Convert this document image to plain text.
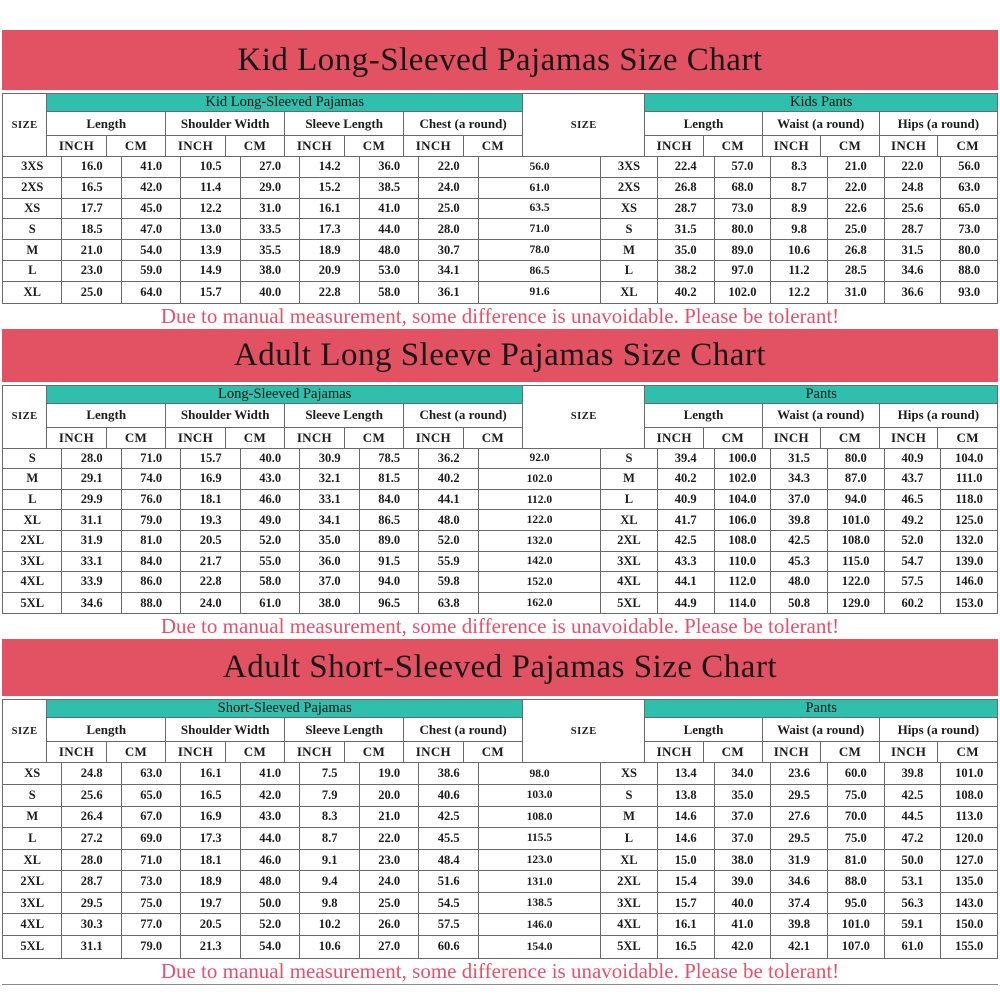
Kid Long-Sleeved Pajamas Size Chart
SIZE
Kid Long-Sleeved Pajamas
Length	Shoulder Width	Sleeve Length	Chest (a round)
INCH	CM	INCH	CM	INCH	CM	INCH	CM
SIZE
Kids Pants
Length	Waist (a round)	Hips (a round)
INCH	CM	INCH	CM	INCH	CM
3XS	16.0	41.0	10.5	27.0	14.2	36.0	22.0	56.0	3XS	22.4	57.0	8.3	21.0	22.0	56.0
2XS	16.5	42.0	11.4	29.0	15.2	38.5	24.0	61.0	2XS	26.8	68.0	8.7	22.0	24.8	63.0
XS	17.7	45.0	12.2	31.0	16.1	41.0	25.0	63.5	XS	28.7	73.0	8.9	22.6	25.6	65.0
S	18.5	47.0	13.0	33.5	17.3	44.0	28.0	71.0	S	31.5	80.0	9.8	25.0	28.7	73.0
M	21.0	54.0	13.9	35.5	18.9	48.0	30.7	78.0	M	35.0	89.0	10.6	26.8	31.5	80.0
L	23.0	59.0	14.9	38.0	20.9	53.0	34.1	86.5	L	38.2	97.0	11.2	28.5	34.6	88.0
XL	25.0	64.0	15.7	40.0	22.8	58.0	36.1	91.6	XL	40.2	102.0	12.2	31.0	36.6	93.0
Due to manual measurement, some difference is unavoidable. Please be tolerant!
Adult Long Sleeve Pajamas Size Chart
SIZE
Long-Sleeved Pajamas
Length	Shoulder Width	Sleeve Length	Chest (a round)
INCH	CM	INCH	CM	INCH	CM	INCH	CM
SIZE
Pants
Length	Waist (a round)	Hips (a round)
INCH	CM	INCH	CM	INCH	CM
S	28.0	71.0	15.7	40.0	30.9	78.5	36.2	92.0	S	39.4	100.0	31.5	80.0	40.9	104.0
M	29.1	74.0	16.9	43.0	32.1	81.5	40.2	102.0	M	40.2	102.0	34.3	87.0	43.7	111.0
L	29.9	76.0	18.1	46.0	33.1	84.0	44.1	112.0	L	40.9	104.0	37.0	94.0	46.5	118.0
XL	31.1	79.0	19.3	49.0	34.1	86.5	48.0	122.0	XL	41.7	106.0	39.8	101.0	49.2	125.0
2XL	31.9	81.0	20.5	52.0	35.0	89.0	52.0	132.0	2XL	42.5	108.0	42.5	108.0	52.0	132.0
3XL	33.1	84.0	21.7	55.0	36.0	91.5	55.9	142.0	3XL	43.3	110.0	45.3	115.0	54.7	139.0
4XL	33.9	86.0	22.8	58.0	37.0	94.0	59.8	152.0	4XL	44.1	112.0	48.0	122.0	57.5	146.0
5XL	34.6	88.0	24.0	61.0	38.0	96.5	63.8	162.0	5XL	44.9	114.0	50.8	129.0	60.2	153.0
Due to manual measurement, some difference is unavoidable. Please be tolerant!
Adult Short-Sleeved Pajamas Size Chart
SIZE
Short-Sleeved Pajamas
Length	Shoulder Width	Sleeve Length	Chest (a round)
INCH	CM	INCH	CM	INCH	CM	INCH	CM
SIZE
Pants
Length	Waist (a round)	Hips (a round)
INCH	CM	INCH	CM	INCH	CM
XS	24.8	63.0	16.1	41.0	7.5	19.0	38.6	98.0	XS	13.4	34.0	23.6	60.0	39.8	101.0
S	25.6	65.0	16.5	42.0	7.9	20.0	40.6	103.0	S	13.8	35.0	29.5	75.0	42.5	108.0
M	26.4	67.0	16.9	43.0	8.3	21.0	42.5	108.0	M	14.6	37.0	27.6	70.0	44.5	113.0
L	27.2	69.0	17.3	44.0	8.7	22.0	45.5	115.5	L	14.6	37.0	29.5	75.0	47.2	120.0
XL	28.0	71.0	18.1	46.0	9.1	23.0	48.4	123.0	XL	15.0	38.0	31.9	81.0	50.0	127.0
2XL	28.7	73.0	18.9	48.0	9.4	24.0	51.6	131.0	2XL	15.4	39.0	34.6	88.0	53.1	135.0
3XL	29.5	75.0	19.7	50.0	9.8	25.0	54.5	138.5	3XL	15.7	40.0	37.4	95.0	56.3	143.0
4XL	30.3	77.0	20.5	52.0	10.2	26.0	57.5	146.0	4XL	16.1	41.0	39.8	101.0	59.1	150.0
5XL	31.1	79.0	21.3	54.0	10.6	27.0	60.6	154.0	5XL	16.5	42.0	42.1	107.0	61.0	155.0
Due to manual measurement, some difference is unavoidable. Please be tolerant!
